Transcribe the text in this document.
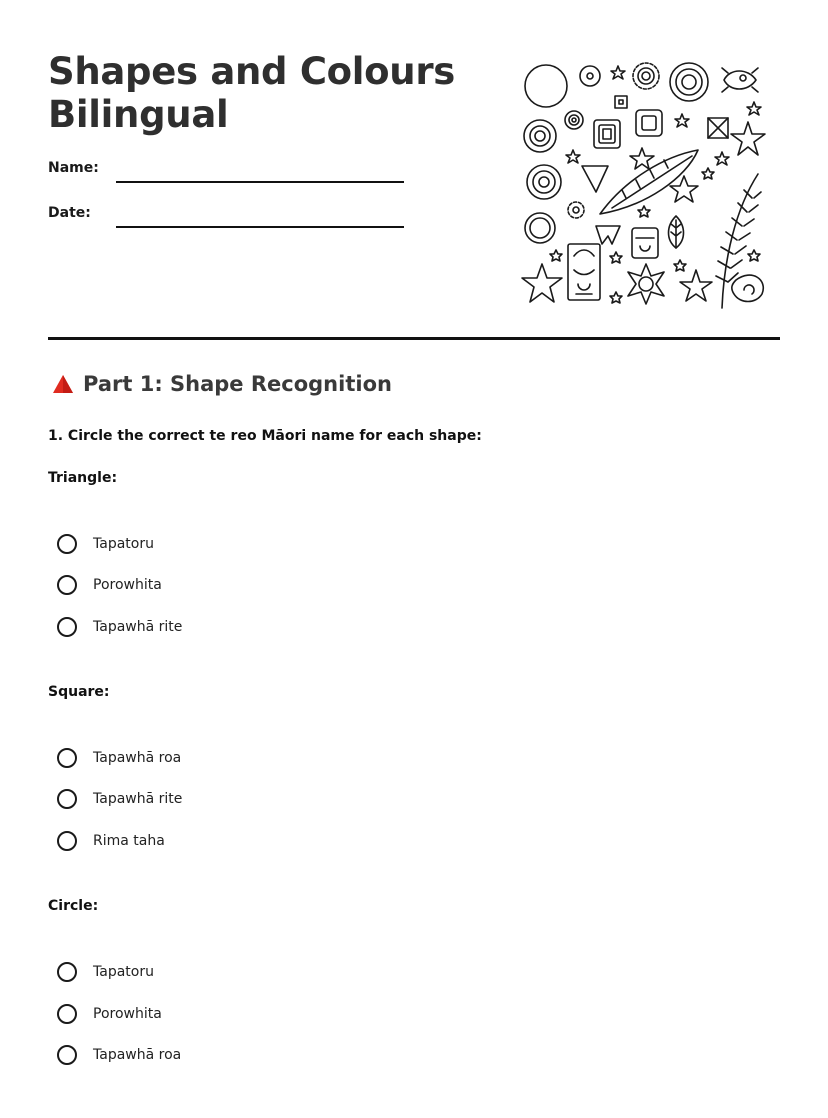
Shapes and Colours
Bilingual
Name:
Date:
Part 1: Shape Recognition
1. Circle the correct te reo Māori name for each shape:
Triangle:
Tapatoru
Porowhita
Tapawhā rite
Square:
Tapawhā roa
Tapawhā rite
Rima taha
Circle:
Tapatoru
Porowhita
Tapawhā roa
